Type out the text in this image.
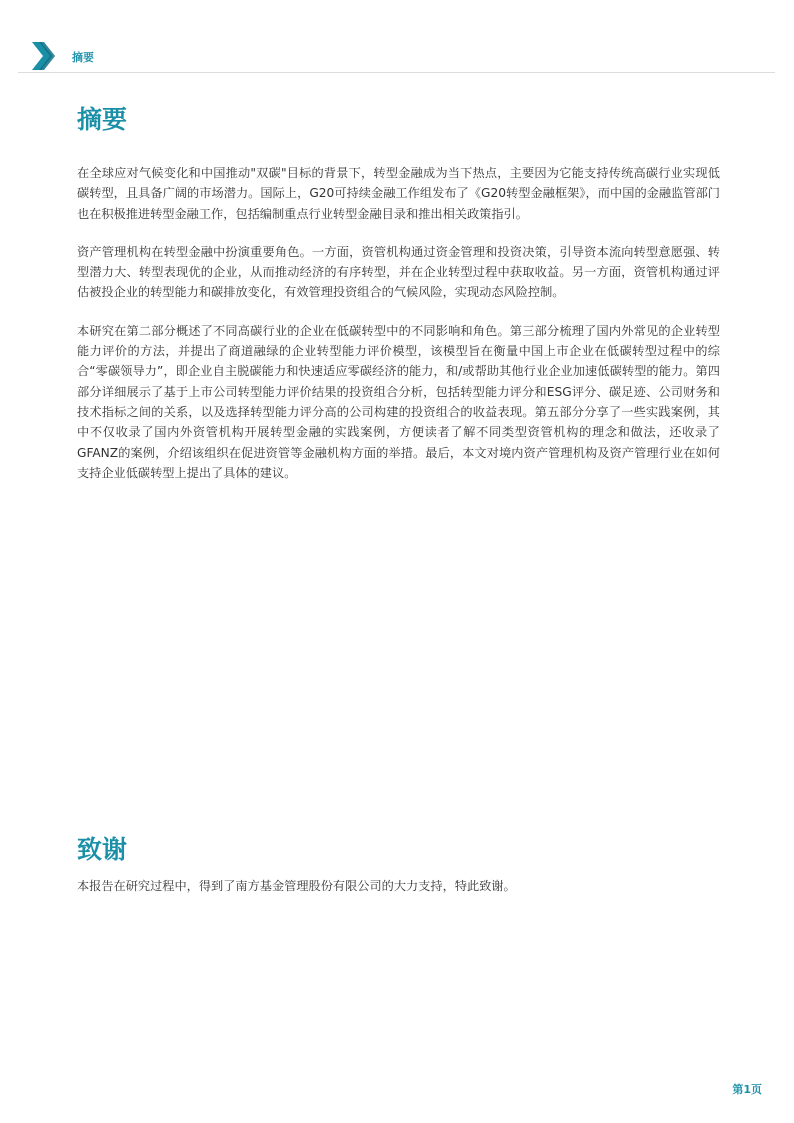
摘要
摘要

在全球应对气候变化和中国推动"双碳"目标的背景下，转型金融成为当下热点，主要因为它能支持传统高碳行业实现低碳转型，且具备广阔的市场潜力。国际上，G20可持续金融工作组发布了《G20转型金融框架》，而中国的金融监管部门也在积极推进转型金融工作，包括编制重点行业转型金融目录和推出相关政策指引。

资产管理机构在转型金融中扮演重要角色。一方面，资管机构通过资金管理和投资决策，引导资本流向转型意愿强、转型潜力大、转型表现优的企业，从而推动经济的有序转型，并在企业转型过程中获取收益。另一方面，资管机构通过评估被投企业的转型能力和碳排放变化，有效管理投资组合的气候风险，实现动态风险控制。

本研究在第二部分概述了不同高碳行业的企业在低碳转型中的不同影响和角色。第三部分梳理了国内外常见的企业转型能力评价的方法，并提出了商道融绿的企业转型能力评价模型，该模型旨在衡量中国上市企业在低碳转型过程中的综合“零碳领导力”，即企业自主脱碳能力和快速适应零碳经济的能力，和/或帮助其他行业企业加速低碳转型的能力。第四部分详细展示了基于上市公司转型能力评价结果的投资组合分析，包括转型能力评分和ESG评分、碳足迹、公司财务和技术指标之间的关系，以及选择转型能力评分高的公司构建的投资组合的收益表现。第五部分分享了一些实践案例，其中不仅收录了国内外资管机构开展转型金融的实践案例，方便读者了解不同类型资管机构的理念和做法，还收录了GFANZ的案例，介绍该组织在促进资管等金融机构方面的举措。最后，本文对境内资产管理机构及资产管理行业在如何支持企业低碳转型上提出了具体的建议。

致谢

本报告在研究过程中，得到了南方基金管理股份有限公司的大力支持，特此致谢。

第1页
